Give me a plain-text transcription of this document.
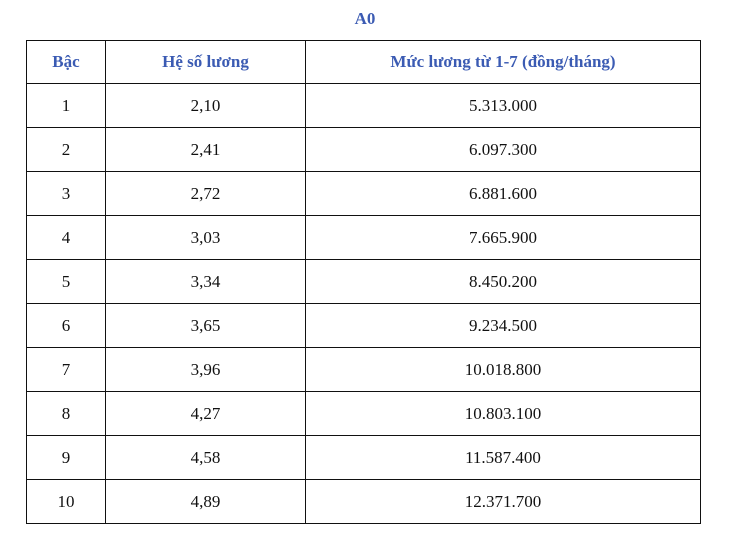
A0
Bậc	Hệ số lương	Mức lương từ 1-7 (đồng/tháng)
1	2,10	5.313.000
2	2,41	6.097.300
3	2,72	6.881.600
4	3,03	7.665.900
5	3,34	8.450.200
6	3,65	9.234.500
7	3,96	10.018.800
8	4,27	10.803.100
9	4,58	11.587.400
10	4,89	12.371.700
